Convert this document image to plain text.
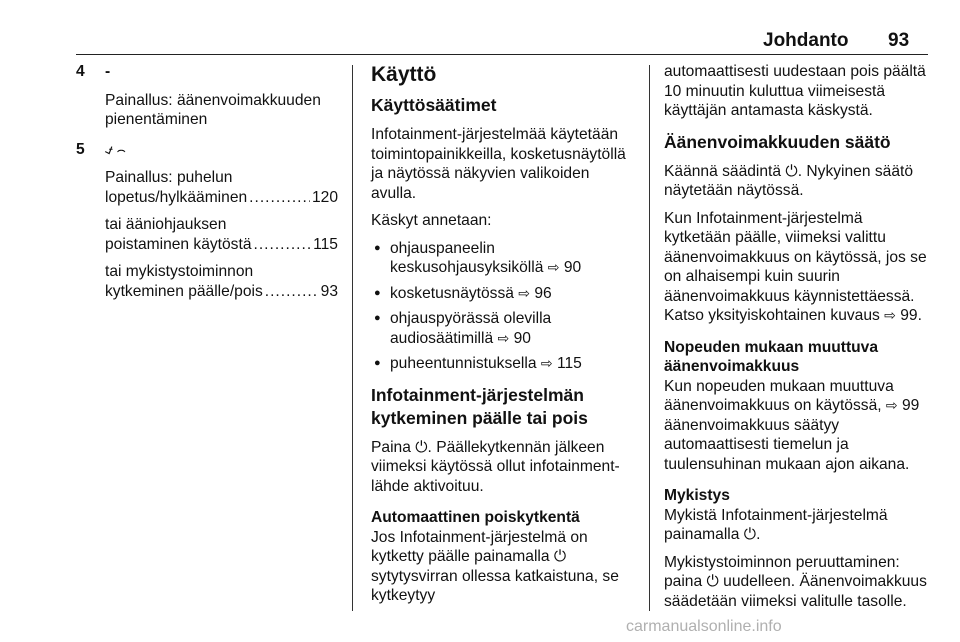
Johdanto 93
4 -

Painallus: äänenvoimakkuuden pienentäminen

5 ⍻ ⌢
Painallus: puhelun
lopetus/hylkääminen .....	120
tai ääniohjauksen
poistaminen käytöstä .....	115
tai mykistystoiminnon
kytkeminen päälle/pois .....	93
Käyttö
Käyttösäätimet

Infotainment-järjestelmää käytetään toimintopainikkeilla, kosketusnäytöllä ja näytössä näkyvien valikoiden avulla.

Käskyt annetaan:

● ohjauspaneelin keskusohjausyksiköllä ⇨ 90
● kosketusnäytössä ⇨ 96
● ohjauspyörässä olevilla audiosäätimillä ⇨ 90
● puheentunnistuksella ⇨ 115
Infotainment-järjestelmän kytkeminen päälle tai pois

Paina ⏻. Päällekytkennän jälkeen viimeksi käytössä ollut infotainment-lähde aktivoituu.

Automaattinen poiskytkentä

Jos Infotainment-järjestelmä on kytketty päälle painamalla ⏻ sytytysvirran ollessa katkaistuna, se kytkeytyy

automaattisesti uudestaan pois päältä 10 minuutin kuluttua viimeisestä käyttäjän antamasta käskystä.

Äänenvoimakkuuden säätö

Käännä säädintä ⏻. Nykyinen säätö näytetään näytössä.

Kun Infotainment-järjestelmä kytketään päälle, viimeksi valittu äänenvoimakkuus on käytössä, jos se on alhaisempi kuin suurin äänenvoimakkuus käynnistettäessä. Katso yksityiskohtainen kuvaus ⇨ 99.

Nopeuden mukaan muuttuva äänenvoimakkuus

Kun nopeuden mukaan muuttuva äänenvoimakkuus on käytössä, ⇨ 99 äänenvoimakkuus säätyy automaattisesti tiemelun ja tuulensuhinan mukaan ajon aikana.

Mykistys

Mykistä Infotainment-järjestelmä painamalla ⏻.

Mykistystoiminnon peruuttaminen: paina ⏻ uudelleen. Äänenvoimakkuus säädetään viimeksi valitulle tasolle.

carmanualsonline.info
